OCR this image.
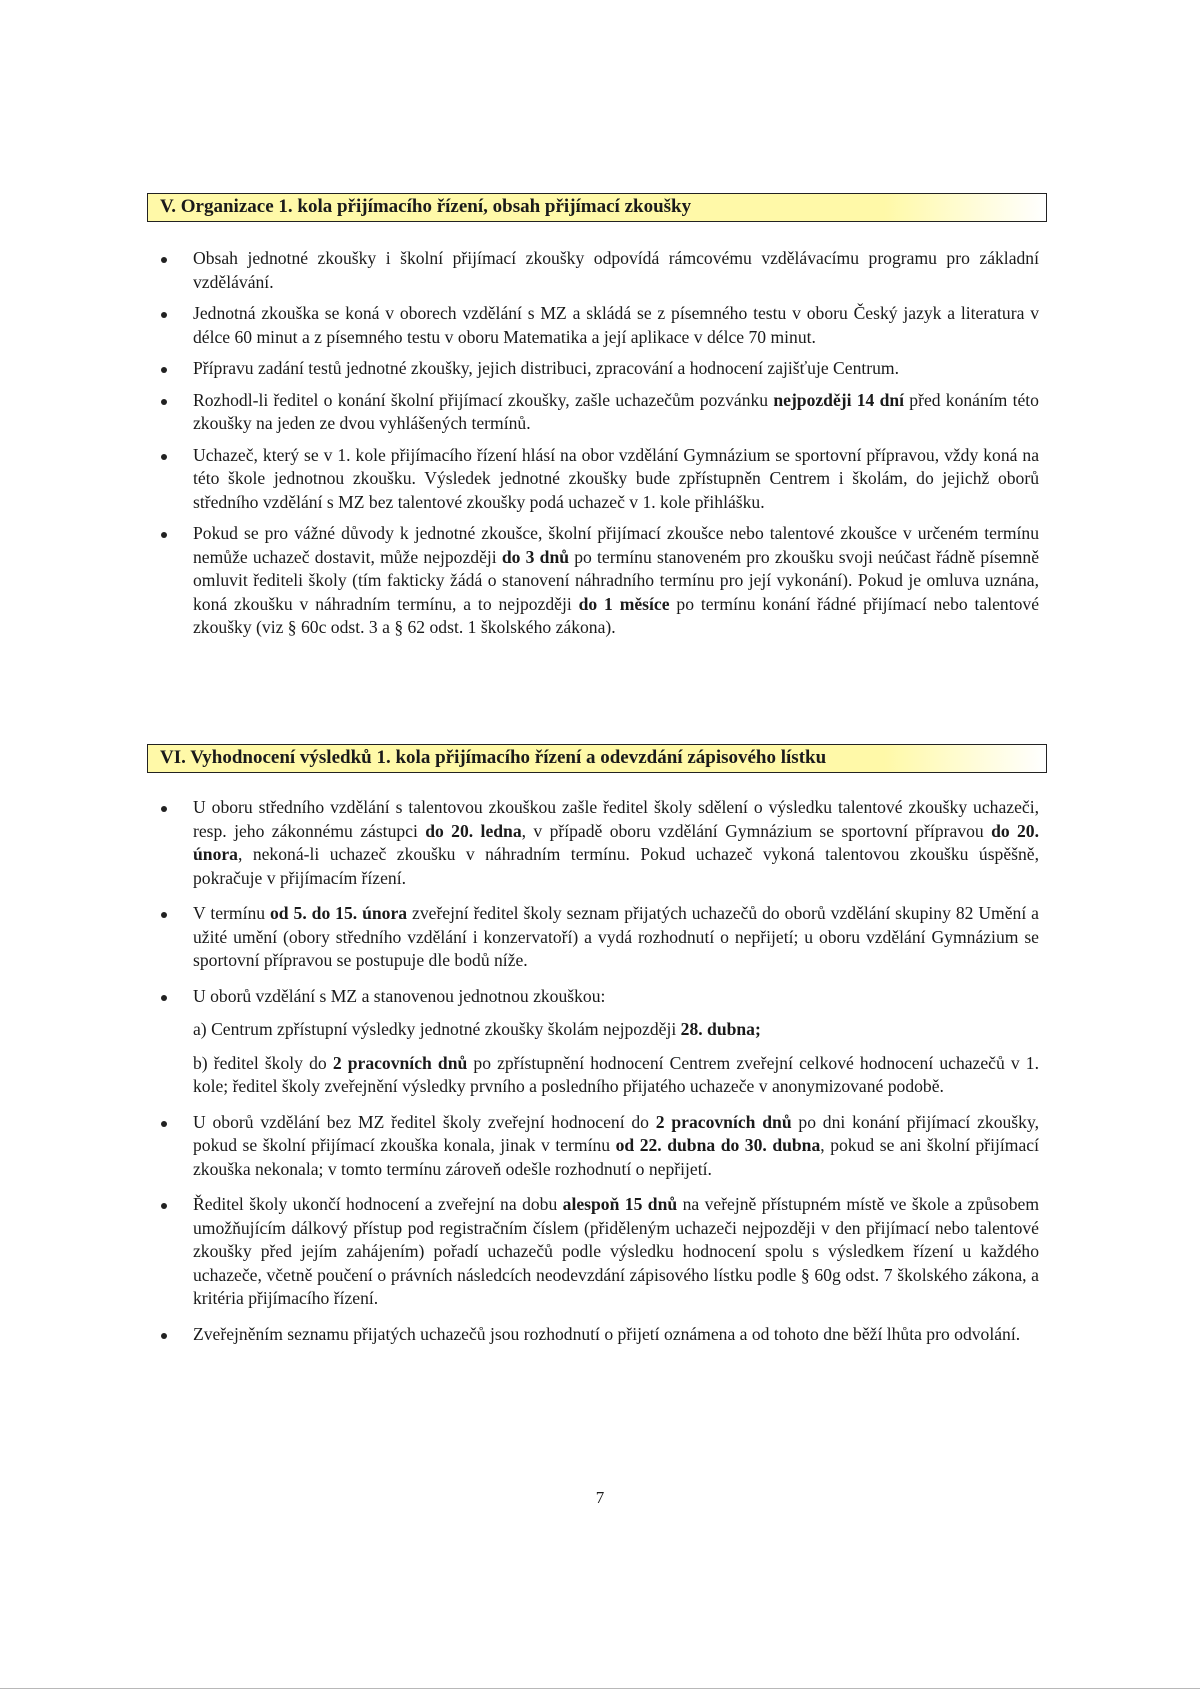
V. Organizace 1. kola přijímacího řízení, obsah přijímací zkoušky
Obsah jednotné zkoušky i školní přijímací zkoušky odpovídá rámcovému vzdělávacímu programu pro základní vzdělávání.
Jednotná zkouška se koná v oborech vzdělání s MZ a skládá se z písemného testu v oboru Český jazyk a literatura v délce 60 minut a z písemného testu v oboru Matematika a její aplikace v délce 70 minut.
Přípravu zadání testů jednotné zkoušky, jejich distribuci, zpracování a hodnocení zajišťuje Centrum.
Rozhodl-li ředitel o konání školní přijímací zkoušky, zašle uchazečům pozvánku nejpozději 14 dní před konáním této zkoušky na jeden ze dvou vyhlášených termínů.
Uchazeč, který se v 1. kole přijímacího řízení hlásí na obor vzdělání Gymnázium se sportovní přípravou, vždy koná na této škole jednotnou zkoušku. Výsledek jednotné zkoušky bude zpřístupněn Centrem i školám, do jejichž oborů středního vzdělání s MZ bez talentové zkoušky podá uchazeč v 1. kole přihlášku.
Pokud se pro vážné důvody k jednotné zkoušce, školní přijímací zkoušce nebo talentové zkoušce v určeném termínu nemůže uchazeč dostavit, může nejpozději do 3 dnů po termínu stanoveném pro zkoušku svoji neúčast řádně písemně omluvit řediteli školy (tím fakticky žádá o stanovení náhradního termínu pro její vykonání). Pokud je omluva uznána, koná zkoušku v náhradním termínu, a to nejpozději do 1 měsíce po termínu konání řádné přijímací nebo talentové zkoušky (viz § 60c odst. 3 a § 62 odst. 1 školského zákona).
VI. Vyhodnocení výsledků 1. kola přijímacího řízení a odevzdání zápisového lístku
U oboru středního vzdělání s talentovou zkouškou zašle ředitel školy sdělení o výsledku talentové zkoušky uchazeči, resp. jeho zákonnému zástupci do 20. ledna, v případě oboru vzdělání Gymnázium se sportovní přípravou do 20. února, nekoná-li uchazeč zkoušku v náhradním termínu. Pokud uchazeč vykoná talentovou zkoušku úspěšně, pokračuje v přijímacím řízení.
V termínu od 5. do 15. února zveřejní ředitel školy seznam přijatých uchazečů do oborů vzdělání skupiny 82 Umění a užité umění (obory středního vzdělání i konzervatoří) a vydá rozhodnutí o nepřijetí; u oboru vzdělání Gymnázium se sportovní přípravou se postupuje dle bodů níže.
U oborů vzdělání s MZ a stanovenou jednotnou zkouškou:

a) Centrum zpřístupní výsledky jednotné zkoušky školám nejpozději 28. dubna;

b) ředitel školy do 2 pracovních dnů po zpřístupnění hodnocení Centrem zveřejní celkové hodnocení uchazečů v 1. kole; ředitel školy zveřejnění výsledky prvního a posledního přijatého uchazeče v anonymizované podobě.

U oborů vzdělání bez MZ ředitel školy zveřejní hodnocení do 2 pracovních dnů po dni konání přijímací zkoušky, pokud se školní přijímací zkouška konala, jinak v termínu od 22. dubna do 30. dubna, pokud se ani školní přijímací zkouška nekonala; v tomto termínu zároveň odešle rozhodnutí o nepřijetí.
Ředitel školy ukončí hodnocení a zveřejní na dobu alespoň 15 dnů na veřejně přístupném místě ve škole a způsobem umožňujícím dálkový přístup pod registračním číslem (přiděleným uchazeči nejpozději v den přijímací nebo talentové zkoušky před jejím zahájením) pořadí uchazečů podle výsledku hodnocení spolu s výsledkem řízení u každého uchazeče, včetně poučení o právních následcích neodevzdání zápisového lístku podle § 60g odst. 7 školského zákona, a kritéria přijímacího řízení.
Zveřejněním seznamu přijatých uchazečů jsou rozhodnutí o přijetí oznámena a od tohoto dne běží lhůta pro odvolání.
7
